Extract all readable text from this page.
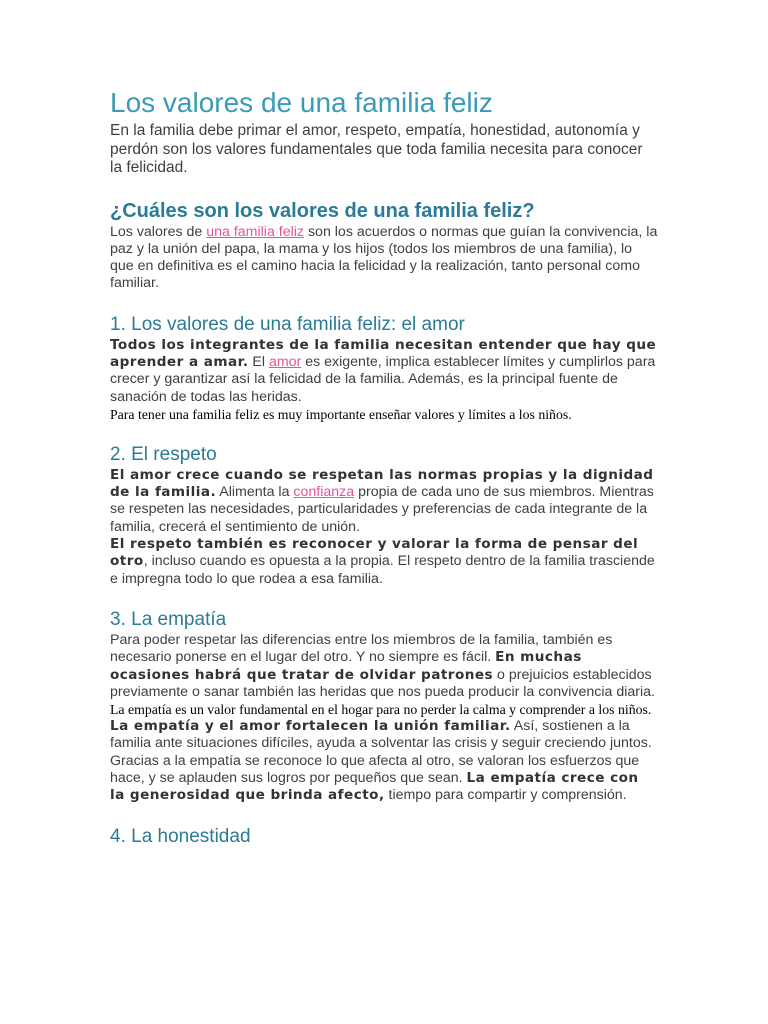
Los valores de una familia feliz

En la familia debe primar el amor, respeto, empatía, honestidad, autonomía y perdón son los valores fundamentales que toda familia necesita para conocer la felicidad.

¿Cuáles son los valores de una familia feliz?

Los valores de una familia feliz son los acuerdos o normas que guían la convivencia, la paz y la unión del papa, la mama y los hijos (todos los miembros de una familia), lo que en definitiva es el camino hacia la felicidad y la realización, tanto personal como familiar.

1. Los valores de una familia feliz: el amor

Todos los integrantes de la familia necesitan entender que hay que aprender a amar. El amor es exigente, implica establecer límites y cumplirlos para crecer y garantizar así la felicidad de la familia. Además, es la principal fuente de sanación de todas las heridas.

Para tener una familia feliz es muy importante enseñar valores y límites a los niños.

2. El respeto

El amor crece cuando se respetan las normas propias y la dignidad de la familia. Alimenta la confianza propia de cada uno de sus miembros. Mientras se respeten las necesidades, particularidades y preferencias de cada integrante de la familia, crecerá el sentimiento de unión.

El respeto también es reconocer y valorar la forma de pensar del otro, incluso cuando es opuesta a la propia. El respeto dentro de la familia trasciende e impregna todo lo que rodea a esa familia.

3. La empatía

Para poder respetar las diferencias entre los miembros de la familia, también es necesario ponerse en el lugar del otro. Y no siempre es fácil. En muchas ocasiones habrá que tratar de olvidar patrones o prejuicios establecidos previamente o sanar también las heridas que nos pueda producir la convivencia diaria.

La empatía es un valor fundamental en el hogar para no perder la calma y comprender a los niños.

La empatía y el amor fortalecen la unión familiar. Así, sostienen a la familia ante situaciones difíciles, ayuda a solventar las crisis y seguir creciendo juntos.

Gracias a la empatía se reconoce lo que afecta al otro, se valoran los esfuerzos que hace, y se aplauden sus logros por pequeños que sean. La empatía crece con la generosidad que brinda afecto, tiempo para compartir y comprensión.

4. La honestidad
